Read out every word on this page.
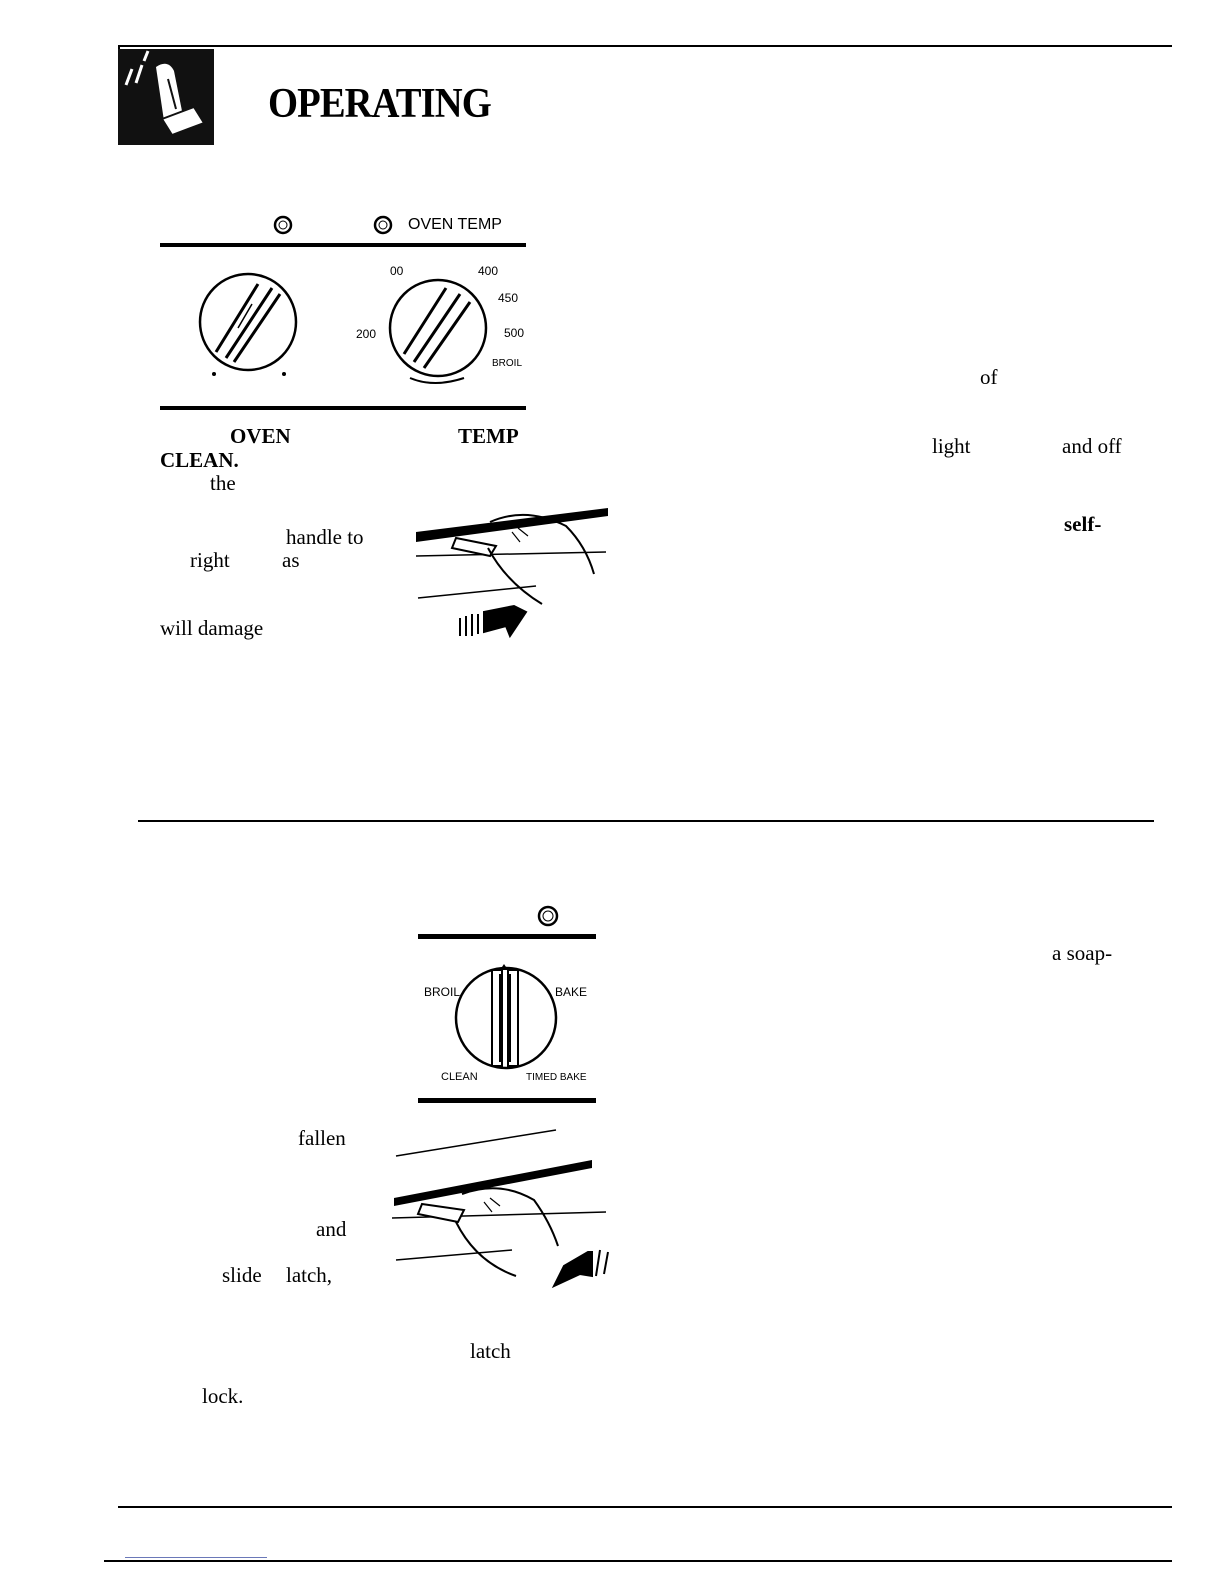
OPERATING
OVEN TEMP
00	400
450
200	500
BROIL
OVEN	TEMP
CLEAN.
the
handle to
right as
will damage
of
light	and off
self-
BROIL	BAKE
CLEAN	TIMED BAKE
fallen
and
slide latch,
latch
lock.
a soap-
